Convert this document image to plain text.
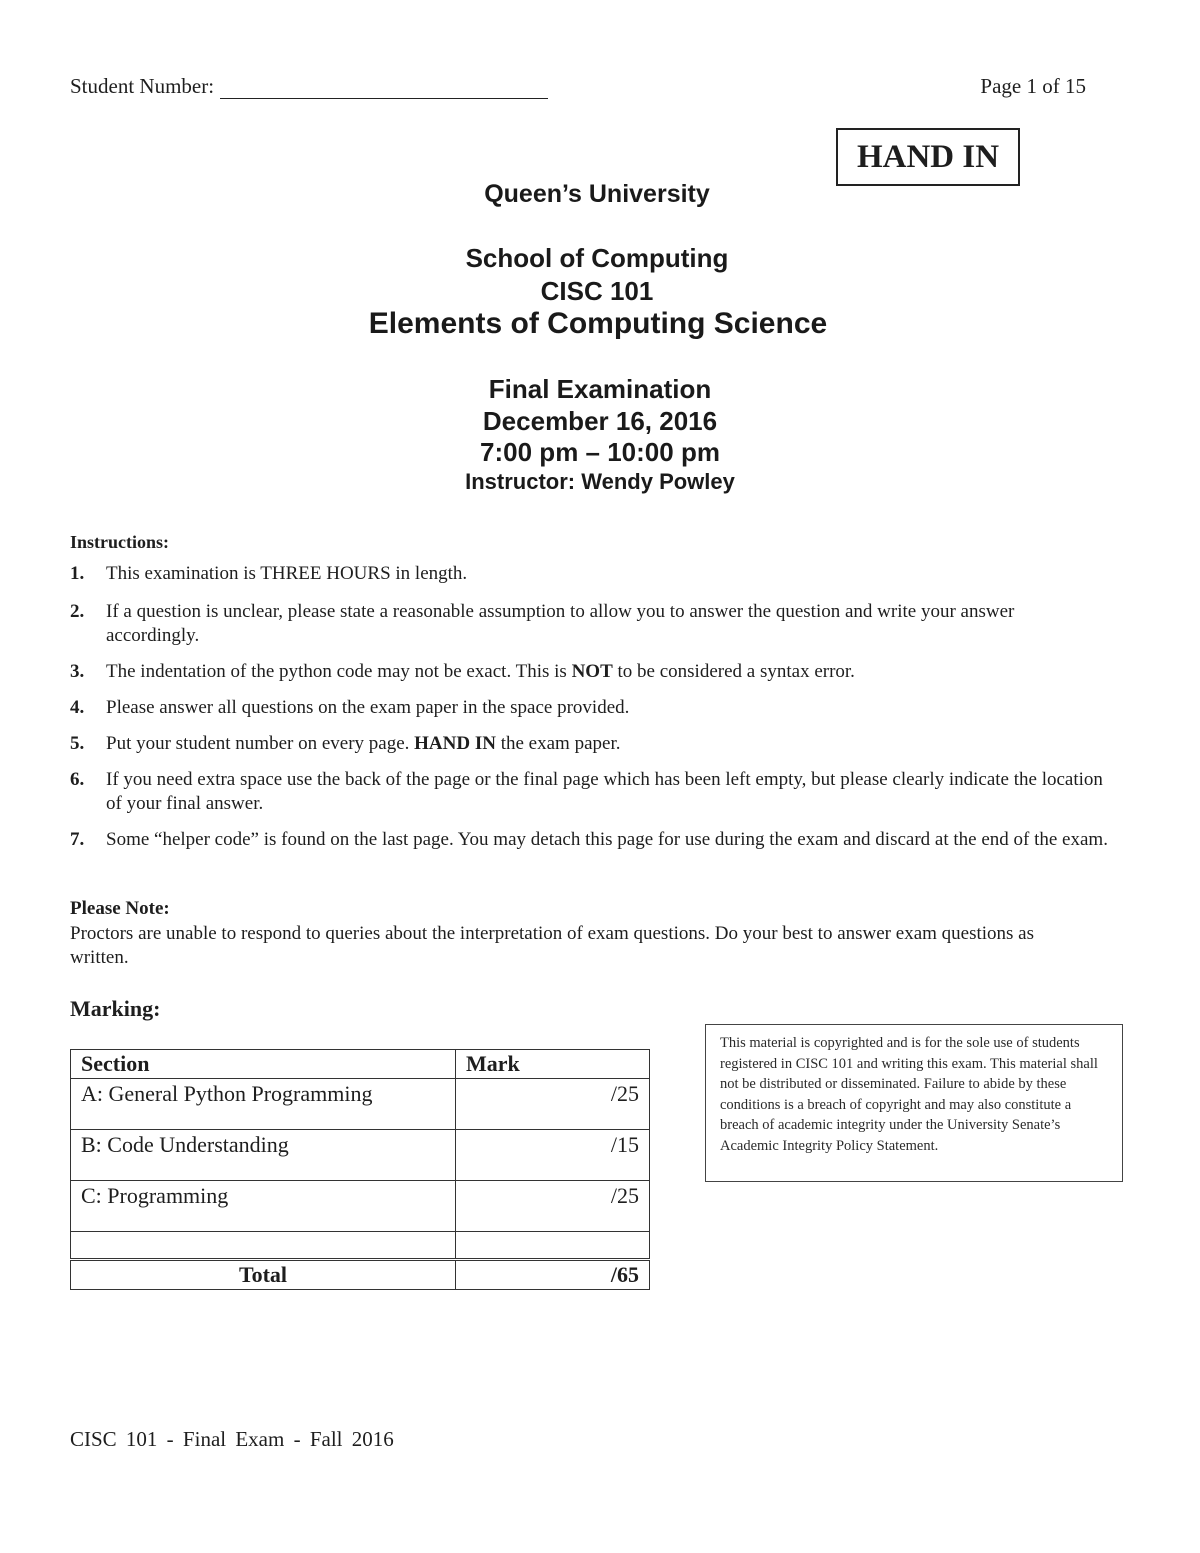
Student Number:	Page 1 of 15
HAND IN
Queen’s University
School of Computing
CISC 101
Elements of Computing Science
Final Examination
December 16, 2016
7:00 pm – 10:00 pm
Instructor: Wendy Powley
Instructions:
1. This examination is THREE HOURS in length.
2. If a question is unclear, please state a reasonable assumption to allow you to answer the question and write your answer accordingly.
3. The indentation of the python code may not be exact. This is NOT to be considered a syntax error.
4. Please answer all questions on the exam paper in the space provided.
5. Put your student number on every page. HAND IN the exam paper.
6. If you need extra space use the back of the page or the final page which has been left empty, but please clearly indicate the location of your final answer.
7. Some “helper code” is found on the last page. You may detach this page for use during the exam and discard at the end of the exam.
Please Note:
Proctors are unable to respond to queries about the interpretation of exam questions. Do your best to answer exam questions as written.
Marking:
Section	Mark
A: General Python Programming	/25
B: Code Understanding	/15
C: Programming	/25

Total	/65
This material is copyrighted and is for the sole use of students registered in CISC 101 and writing this exam. This material shall not be distributed or disseminated. Failure to abide by these conditions is a breach of copyright and may also constitute a breach of academic integrity under the University Senate’s Academic Integrity Policy Statement.
CISC 101 - Final Exam - Fall 2016
